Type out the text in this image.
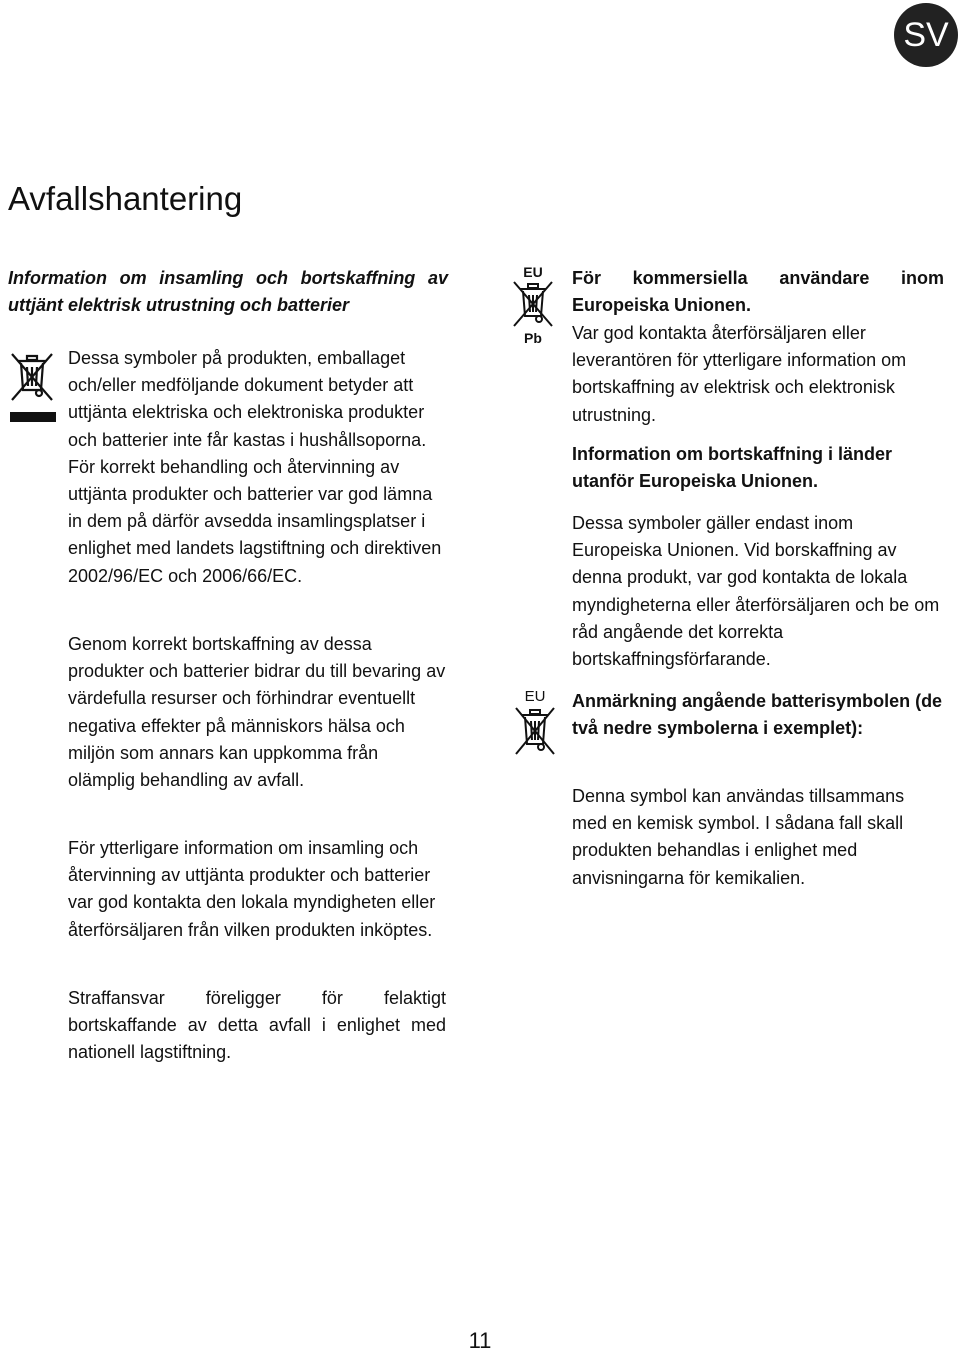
SV
Avfallshantering

Information om insamling och bortskaffning av uttjänt elektrisk utrustning och batterier

Dessa symboler på produkten, emballaget och/eller medföljande dokument betyder att uttjänta elektriska och elektroniska produkter och batterier inte får kastas i hushållsoporna. För korrekt behandling och återvinning av uttjänta produkter och batterier var god lämna in dem på därför avsedda insamlingsplatser i enlighet med landets lagstiftning och direktiven 2002/96/EC och 2006/66/EC.

Genom korrekt bortskaffning av dessa produkter och batterier bidrar du till bevaring av värdefulla resurser och förhindrar eventuellt negativa effekter på människors hälsa och miljön som annars kan uppkomma från olämplig behandling av avfall.

För ytterligare information om insamling och återvinning av uttjänta produkter och batterier var god kontakta den lokala myndigheten eller återförsäljaren från vilken produkten inköptes.

Straffansvar föreligger för felaktigt bortskaffande av detta avfall i enlighet med nationell lagstiftning.

EU
Pb

För kommersiella användare inom Europeiska Unionen.

Var god kontakta återförsäljaren eller leverantören för ytterligare information om bortskaffning av elektrisk och elektronisk utrustning.

Information om bortskaffning i länder utanför Europeiska Unionen.

Dessa symboler gäller endast inom Europeiska Unionen. Vid borskaffning av denna produkt, var god kontakta de lokala myndigheterna eller återförsäljaren och be om råd angående det korrekta bortskaffningsförfarande.

EU	Anmärkning angående batterisymbolen (de två nedre symbolerna i exemplet):

Denna symbol kan användas tillsammans med en kemisk symbol. I sådana fall skall produkten behandlas i enlighet med anvisningarna för kemikalien.

11
